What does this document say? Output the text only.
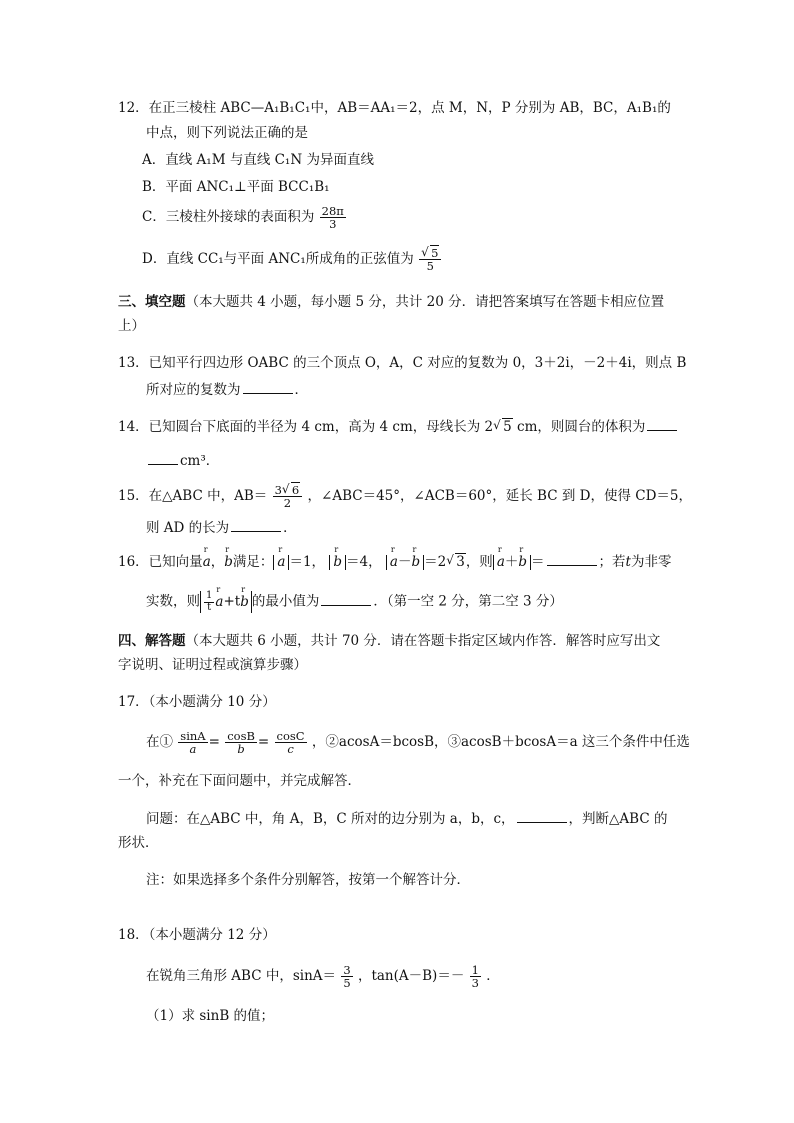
12．在正三棱柱 ABC—A₁B₁C₁中，AB＝AA₁＝2，点 M，N，P 分别为 AB，BC，A₁B₁的
中点，则下列说法正确的是
A．直线 A₁M 与直线 C₁N 为异面直线
B．平面 ANC₁⊥平面 BCC₁B₁
C．三棱柱外接球的表面积为 $\frac{28\pi}{3}$
D．直线 CC₁与平面 ANC₁所成角的正弦值为 √ $\frac{5}{5}$
三、填空题（本大题共 4 小题，每小题 5 分，共计 20 分．请把答案填写在答题卡相应位置
上）
13．已知平行四边形 OABC 的三个顶点 O，A，C 对应的复数为 0，3＋2i，－2＋4i，则点 B
所对应的复数为	．
14．已知圆台下底面的半径为 4 cm，高为 4 cm，母线长为 2 √ 5 cm，则圆台的体积为
cm³．
15．在△ABC 中，$AB= \frac{3 √ 6}{2}$ ，∠ABC＝45°，∠ACB＝60°，延长 BC 到 D，使得 CD＝5，
则 AD 的长为	．
16．已知向量r a，r b满足： r a ＝1， r b ＝4， r a－r b ＝2 √ 3，则 r a＋r b ＝	；若t为非零
实数，则 $\frac{1}{t}$ r a+tr b 的最小值为	．（第一空 2 分，第二空 3 分）
四、解答题（本大题共 6 小题，共计 70 分．请在答题卡指定区域内作答．解答时应写出文
字说明、证明过程或演算步骤）
17．（本小题满分 10 分）
在① $\frac{\sin A}{a} = \frac{\cos B}{b} = \frac{\cos C}{c}$ ，②acosA＝bcosB，③acosB＋bcosA＝a 这三个条件中任选
一个，补充在下面问题中，并完成解答．
问题：在△ABC 中，角 A，B，C 所对的边分别为 a，b，c，	，判断△ABC 的
形状．
注：如果选择多个条件分别解答，按第一个解答计分．
18．（本小题满分 12 分）
在锐角三角形 ABC 中，$\sin A= \frac{3}{5}$ ，$\tan(A-B)=- \frac{1}{3}$ ．
（1）求 sinB 的值；
